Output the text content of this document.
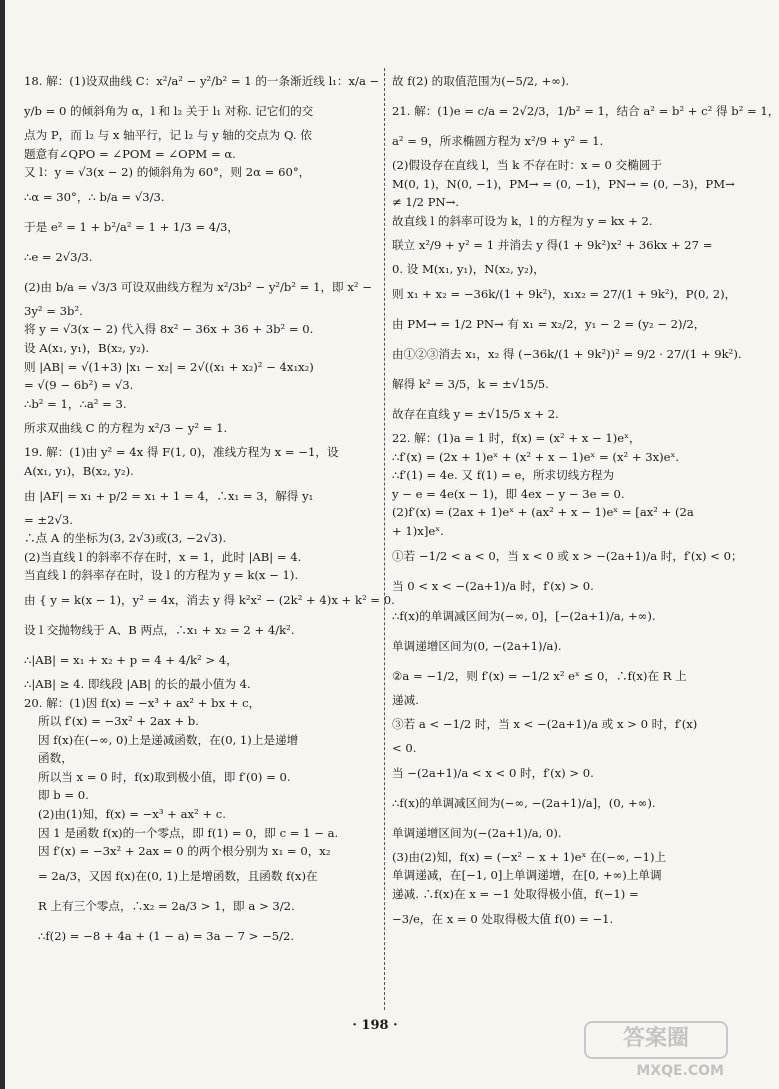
18. 解：(1)设双曲线 C：x²/a² − y²/b² = 1 的一条渐近线 l₁：x/a −
y/b = 0 的倾斜角为 α，l 和 l₂ 关于 l₁ 对称. 记它们的交
点为 P，而 l₂ 与 x 轴平行，记 l₂ 与 y 轴的交点为 Q. 依
题意有∠QPO = ∠POM = ∠OPM = α.
又 l：y = √3(x − 2) 的倾斜角为 60°，则 2α = 60°，
∴α = 30°，∴ b/a = √3/3.
于是 e² = 1 + b²/a² = 1 + 1/3 = 4/3，
∴e = 2√3/3.
(2)由 b/a = √3/3 可设双曲线方程为 x²/3b² − y²/b² = 1，即 x² −
3y² = 3b².
将 y = √3(x − 2) 代入得 8x² − 36x + 36 + 3b² = 0.
设 A(x₁, y₁)，B(x₂, y₂).
则 |AB| = √(1+3) |x₁ − x₂| = 2√((x₁ + x₂)² − 4x₁x₂)
= √(9 − 6b²) = √3.
∴b² = 1，∴a² = 3.
所求双曲线 C 的方程为 x²/3 − y² = 1.
19. 解：(1)由 y² = 4x 得 F(1, 0)，准线方程为 x = −1，设
A(x₁, y₁)，B(x₂, y₂).
由 |AF| = x₁ + p/2 = x₁ + 1 = 4，∴x₁ = 3，解得 y₁
= ±2√3.
∴点 A 的坐标为(3, 2√3)或(3, −2√3).
(2)当直线 l 的斜率不存在时，x = 1，此时 |AB| = 4.
当直线 l 的斜率存在时，设 l 的方程为 y = k(x − 1).
由 { y = k(x − 1)，y² = 4x，消去 y 得 k²x² − (2k² + 4)x + k² = 0.
设 l 交抛物线于 A、B 两点，∴x₁ + x₂ = 2 + 4/k².
∴|AB| = x₁ + x₂ + p = 4 + 4/k² > 4，
∴|AB| ≥ 4. 即线段 |AB| 的长的最小值为 4.
20. 解：(1)因 f(x) = −x³ + ax² + bx + c，
所以 f′(x) = −3x² + 2ax + b.
因 f(x)在(−∞, 0)上是递减函数，在(0, 1)上是递增
函数，
所以当 x = 0 时，f(x)取到极小值，即 f′(0) = 0.
即 b = 0.
(2)由(1)知，f(x) = −x³ + ax² + c.
因 1 是函数 f(x)的一个零点，即 f(1) = 0，即 c = 1 − a.
因 f′(x) = −3x² + 2ax = 0 的两个根分别为 x₁ = 0，x₂
= 2a/3，又因 f(x)在(0, 1)上是增函数，且函数 f(x)在
R 上有三个零点，∴x₂ = 2a/3 > 1，即 a > 3/2.
∴f(2) = −8 + 4a + (1 − a) = 3a − 7 > −5/2.
故 f(2) 的取值范围为(−5/2, +∞).
21. 解：(1)e = c/a = 2√2/3，1/b² = 1，结合 a² = b² + c² 得 b² = 1，
a² = 9，所求椭圆方程为 x²/9 + y² = 1.
(2)假设存在直线 l，当 k 不存在时：x = 0 交椭圆于
M(0, 1)，N(0, −1)，PM→ = (0, −1)，PN→ = (0, −3)，PM→
≠ 1/2 PN→.
故直线 l 的斜率可设为 k，l 的方程为 y = kx + 2.
联立 x²/9 + y² = 1 并消去 y 得(1 + 9k²)x² + 36kx + 27 =
0. 设 M(x₁, y₁)，N(x₂, y₂)，
则 x₁ + x₂ = −36k/(1 + 9k²)，x₁x₂ = 27/(1 + 9k²)，P(0, 2)，
由 PM→ = 1/2 PN→ 有 x₁ = x₂/2，y₁ − 2 = (y₂ − 2)/2，
由①②③消去 x₁，x₂ 得 (−36k/(1 + 9k²))² = 9/2 · 27/(1 + 9k²).
解得 k² = 3/5，k = ±√15/5.
故存在直线 y = ±√15/5 x + 2.
22. 解：(1)a = 1 时，f(x) = (x² + x − 1)eˣ，
∴f′(x) = (2x + 1)eˣ + (x² + x − 1)eˣ = (x² + 3x)eˣ.
∴f′(1) = 4e. 又 f(1) = e，所求切线方程为
y − e = 4e(x − 1)，即 4ex − y − 3e = 0.
(2)f′(x) = (2ax + 1)eˣ + (ax² + x − 1)eˣ = [ax² + (2a
+ 1)x]eˣ.
①若 −1/2 < a < 0，当 x < 0 或 x > −(2a+1)/a 时，f′(x) < 0；
当 0 < x < −(2a+1)/a 时，f′(x) > 0.
∴f(x)的单调减区间为(−∞, 0]，[−(2a+1)/a, +∞).
单调递增区间为(0, −(2a+1)/a).
②a = −1/2，则 f′(x) = −1/2 x² eˣ ≤ 0，∴f(x)在 R 上
递减.
③若 a < −1/2 时，当 x < −(2a+1)/a 或 x > 0 时，f′(x)
< 0.
当 −(2a+1)/a < x < 0 时，f′(x) > 0.
∴f(x)的单调减区间为(−∞, −(2a+1)/a]，(0, +∞).
单调递增区间为(−(2a+1)/a, 0).
(3)由(2)知，f(x) = (−x² − x + 1)eˣ 在(−∞, −1)上
单调递减，在[−1, 0]上单调递增，在[0, +∞)上单调
递减. ∴f(x)在 x = −1 处取得极小值，f(−1) =
−3/e，在 x = 0 处取得极大值 f(0) = −1.
· 198 ·
答案圈
MXQE.COM
